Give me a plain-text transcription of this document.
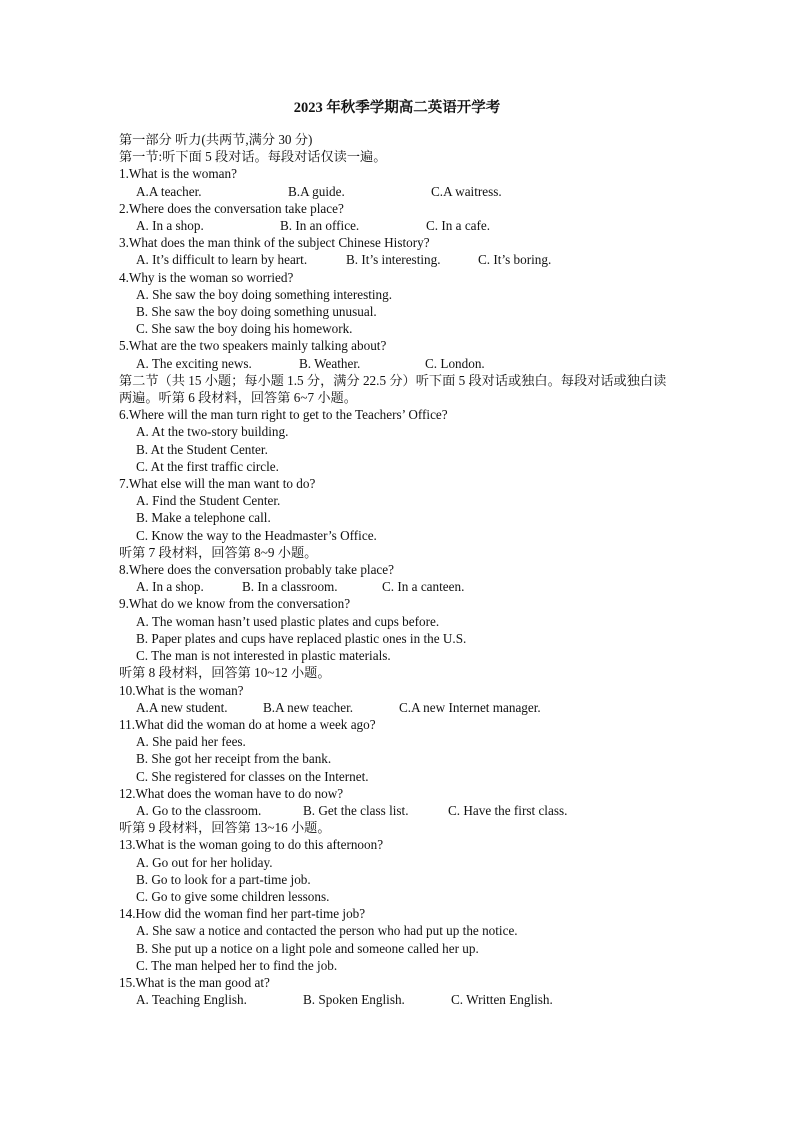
2023 年秋季学期高二英语开学考
第一部分 听力(共两节,满分 30 分)
第一节:听下面 5 段对话。每段对话仅读一遍。
1.What is the woman?
A.A teacher.	B.A guide.	C.A waitress.
2.Where does the conversation take place?
A. In a shop.	B. In an office.	C. In a cafe.
3.What does the man think of the subject Chinese History?
A. It’s difficult to learn by heart.	B. It’s interesting.	C. It’s boring.
4.Why is the woman so worried?
A. She saw the boy doing something interesting.
B. She saw the boy doing something unusual.
C. She saw the boy doing his homework.
5.What are the two speakers mainly talking about?
A. The exciting news.	B. Weather.	C. London.
第二节（共 15 小题；每小题 1.5 分，满分 22.5 分）听下面 5 段对话或独白。每段对话或独白读两遍。听第 6 段材料，回答第 6~7 小题。
6.Where will the man turn right to get to the Teachers’ Office?
A. At the two-story building.
B. At the Student Center.
C. At the first traffic circle.
7.What else will the man want to do?
A. Find the Student Center.
B. Make a telephone call.
C. Know the way to the Headmaster’s Office.
听第 7 段材料，回答第 8~9 小题。
8.Where does the conversation probably take place?
A. In a shop.	B. In a classroom.	C. In a canteen.
9.What do we know from the conversation?
A. The woman hasn’t used plastic plates and cups before.
B. Paper plates and cups have replaced plastic ones in the U.S.
C. The man is not interested in plastic materials.
听第 8 段材料，回答第 10~12 小题。
10.What is the woman?
A.A new student.	B.A new teacher.	C.A new Internet manager.
11.What did the woman do at home a week ago?
A. She paid her fees.
B. She got her receipt from the bank.
C. She registered for classes on the Internet.
12.What does the woman have to do now?
A. Go to the classroom.	B. Get the class list.	C. Have the first class.
听第 9 段材料，回答第 13~16 小题。
13.What is the woman going to do this afternoon?
A. Go out for her holiday.
B. Go to look for a part-time job.
C. Go to give some children lessons.
14.How did the woman find her part-time job?
A. She saw a notice and contacted the person who had put up the notice.
B. She put up a notice on a light pole and someone called her up.
C. The man helped her to find the job.
15.What is the man good at?
A. Teaching English.	B. Spoken English.	C. Written English.
